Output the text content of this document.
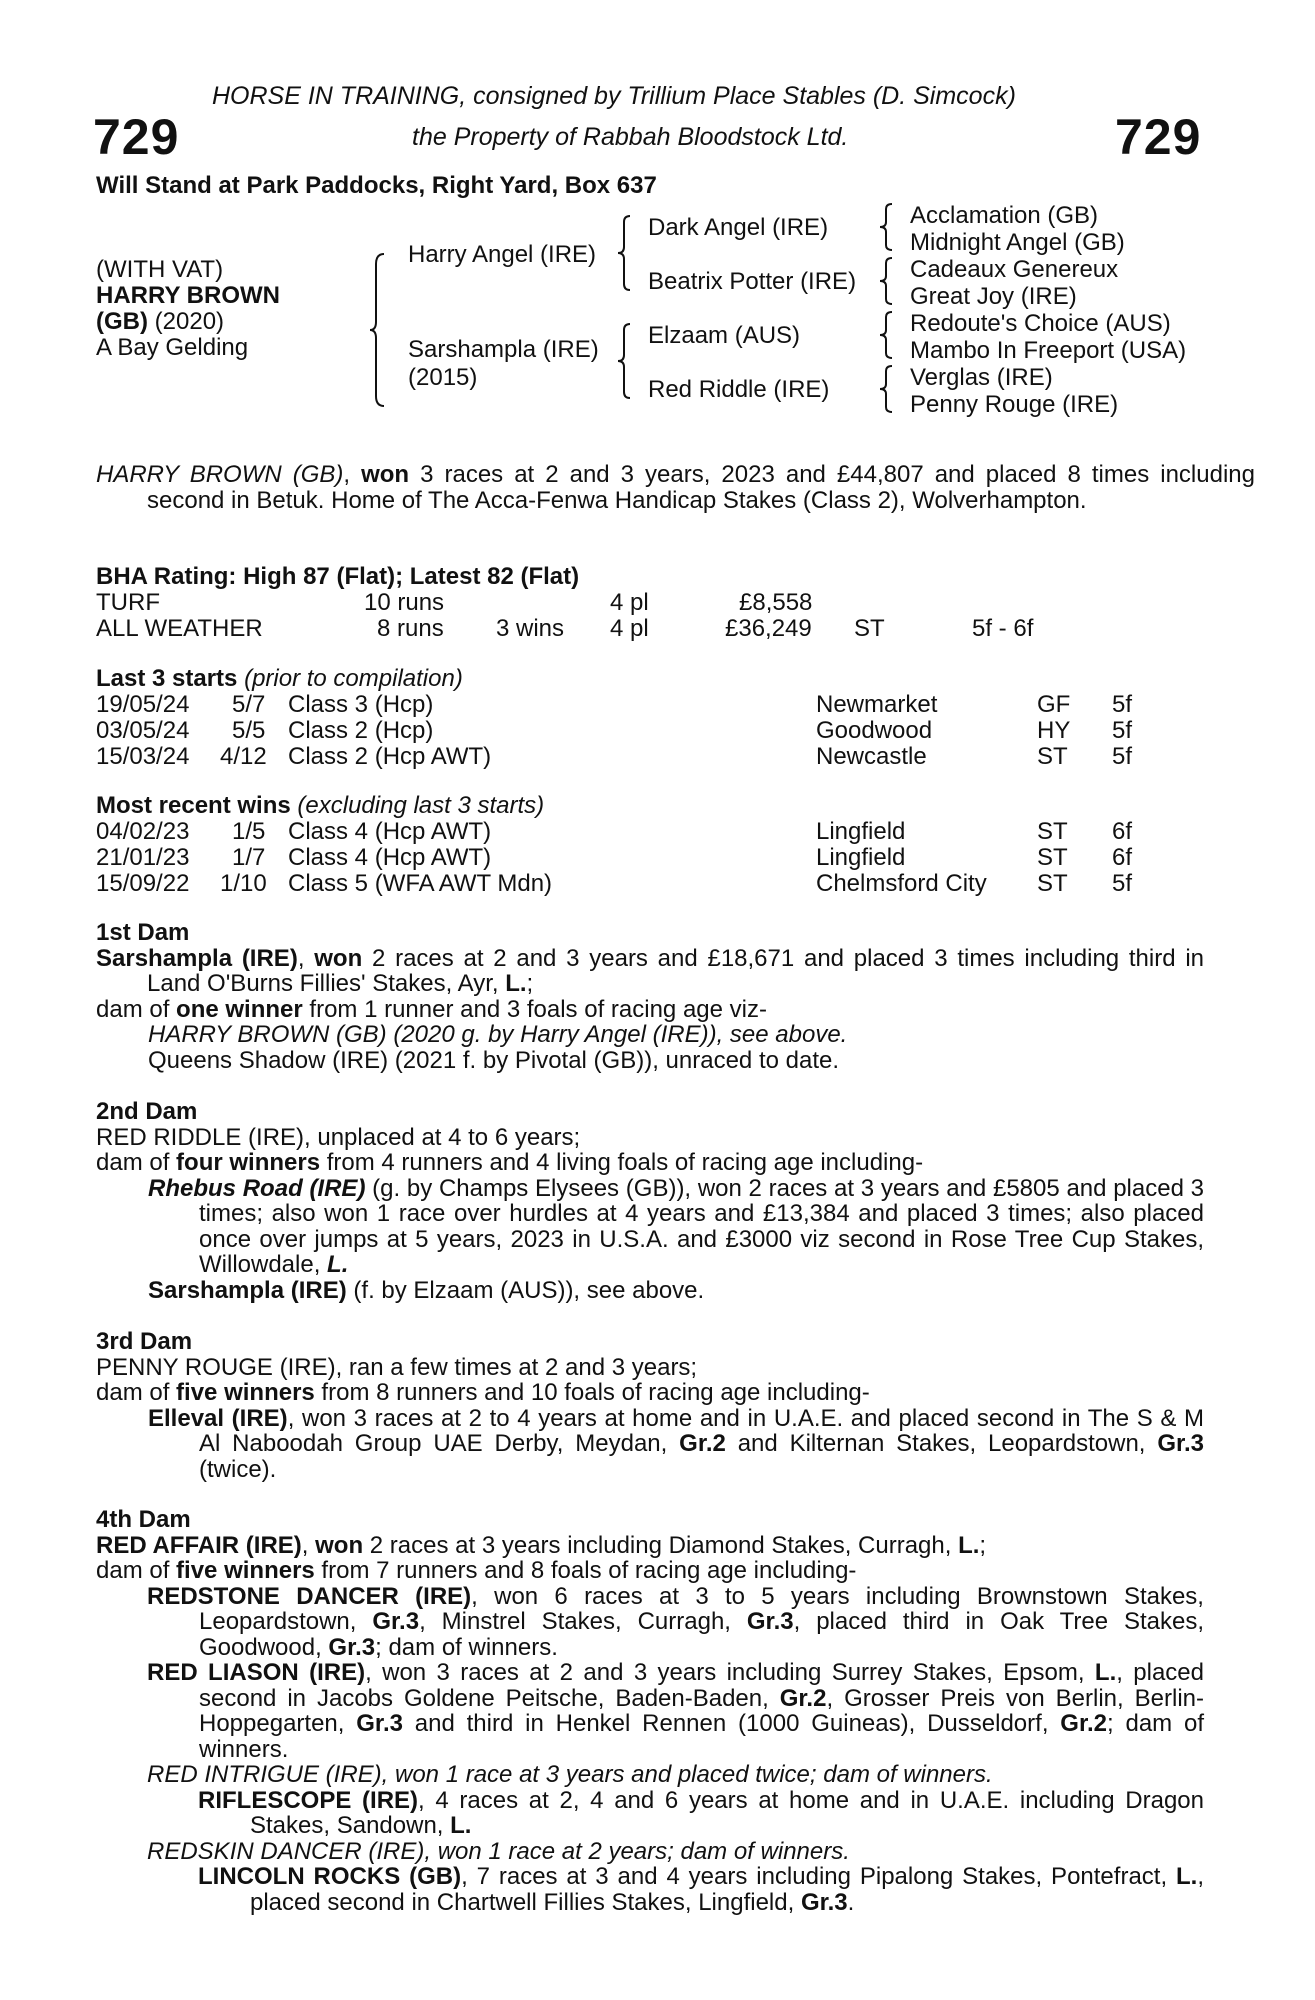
HORSE IN TRAINING, consigned by Trillium Place Stables (D. Simcock)
729	the Property of Rabbah Bloodstock Ltd.	729
Will Stand at Park Paddocks, Right Yard, Box 637
(WITH VAT)
HARRY BROWN
(GB) (2020)
A Bay Gelding
Harry Angel (IRE)
Sarshampla (IRE)
(2015)
Dark Angel (IRE)
Beatrix Potter (IRE)
Elzaam (AUS)
Red Riddle (IRE)
Acclamation (GB)
Midnight Angel (GB)
Cadeaux Genereux
Great Joy (IRE)
Redoute's Choice (AUS)
Mambo In Freeport (USA)
Verglas (IRE)
Penny Rouge (IRE)
HARRY BROWN (GB), won 3 races at 2 and 3 years, 2023 and £44,807 and placed 8 times including second in Betuk. Home of The Acca-Fenwa Handicap Stakes (Class 2), Wolverhampton.
BHA Rating: High 87 (Flat); Latest 82 (Flat)
TURF	10 runs	4 pl	£8,558
ALL WEATHER	8 runs 3 wins 4 pl	£36,249 ST	5f - 6f
Last 3 starts (prior to compilation)
19/05/24 5/7 Class 3 (Hcp)	Newmarket	GF 5f
03/05/24 5/5 Class 2 (Hcp)	Goodwood	HY 5f
15/03/24 4/12 Class 2 (Hcp AWT)	Newcastle	ST 5f
Most recent wins (excluding last 3 starts)
04/02/23 1/5 Class 4 (Hcp AWT)	Lingfield	ST 6f
21/01/23 1/7 Class 4 (Hcp AWT)	Lingfield	ST 6f
15/09/22 1/10 Class 5 (WFA AWT Mdn)	Chelmsford City ST 5f
1st Dam
Sarshampla (IRE), won 2 races at 2 and 3 years and £18,671 and placed 3 times including third in Land O'Burns Fillies' Stakes, Ayr, L.;
dam of one winner from 1 runner and 3 foals of racing age viz-
HARRY BROWN (GB) (2020 g. by Harry Angel (IRE)), see above.
Queens Shadow (IRE) (2021 f. by Pivotal (GB)), unraced to date.
2nd Dam
RED RIDDLE (IRE), unplaced at 4 to 6 years;
dam of four winners from 4 runners and 4 living foals of racing age including-
Rhebus Road (IRE) (g. by Champs Elysees (GB)), won 2 races at 3 years and £5805 and placed 3 times; also won 1 race over hurdles at 4 years and £13,384 and placed 3 times; also placed once over jumps at 5 years, 2023 in U.S.A. and £3000 viz second in Rose Tree Cup Stakes, Willowdale, L.
Sarshampla (IRE) (f. by Elzaam (AUS)), see above.
3rd Dam
PENNY ROUGE (IRE), ran a few times at 2 and 3 years;
dam of five winners from 8 runners and 10 foals of racing age including-
Elleval (IRE), won 3 races at 2 to 4 years at home and in U.A.E. and placed second in The S & M Al Naboodah Group UAE Derby, Meydan, Gr.2 and Kilternan Stakes, Leopardstown, Gr.3 (twice).
4th Dam
RED AFFAIR (IRE), won 2 races at 3 years including Diamond Stakes, Curragh, L.;
dam of five winners from 7 runners and 8 foals of racing age including-
REDSTONE DANCER (IRE), won 6 races at 3 to 5 years including Brownstown Stakes, Leopardstown, Gr.3, Minstrel Stakes, Curragh, Gr.3, placed third in Oak Tree Stakes, Goodwood, Gr.3; dam of winners.
RED LIASON (IRE), won 3 races at 2 and 3 years including Surrey Stakes, Epsom, L., placed second in Jacobs Goldene Peitsche, Baden-Baden, Gr.2, Grosser Preis von Berlin, Berlin-Hoppegarten, Gr.3 and third in Henkel Rennen (1000 Guineas), Dusseldorf, Gr.2; dam of winners.
RED INTRIGUE (IRE), won 1 race at 3 years and placed twice; dam of winners.
RIFLESCOPE (IRE), 4 races at 2, 4 and 6 years at home and in U.A.E. including Dragon Stakes, Sandown, L.
REDSKIN DANCER (IRE), won 1 race at 2 years; dam of winners.
LINCOLN ROCKS (GB), 7 races at 3 and 4 years including Pipalong Stakes, Pontefract, L., placed second in Chartwell Fillies Stakes, Lingfield, Gr.3.
